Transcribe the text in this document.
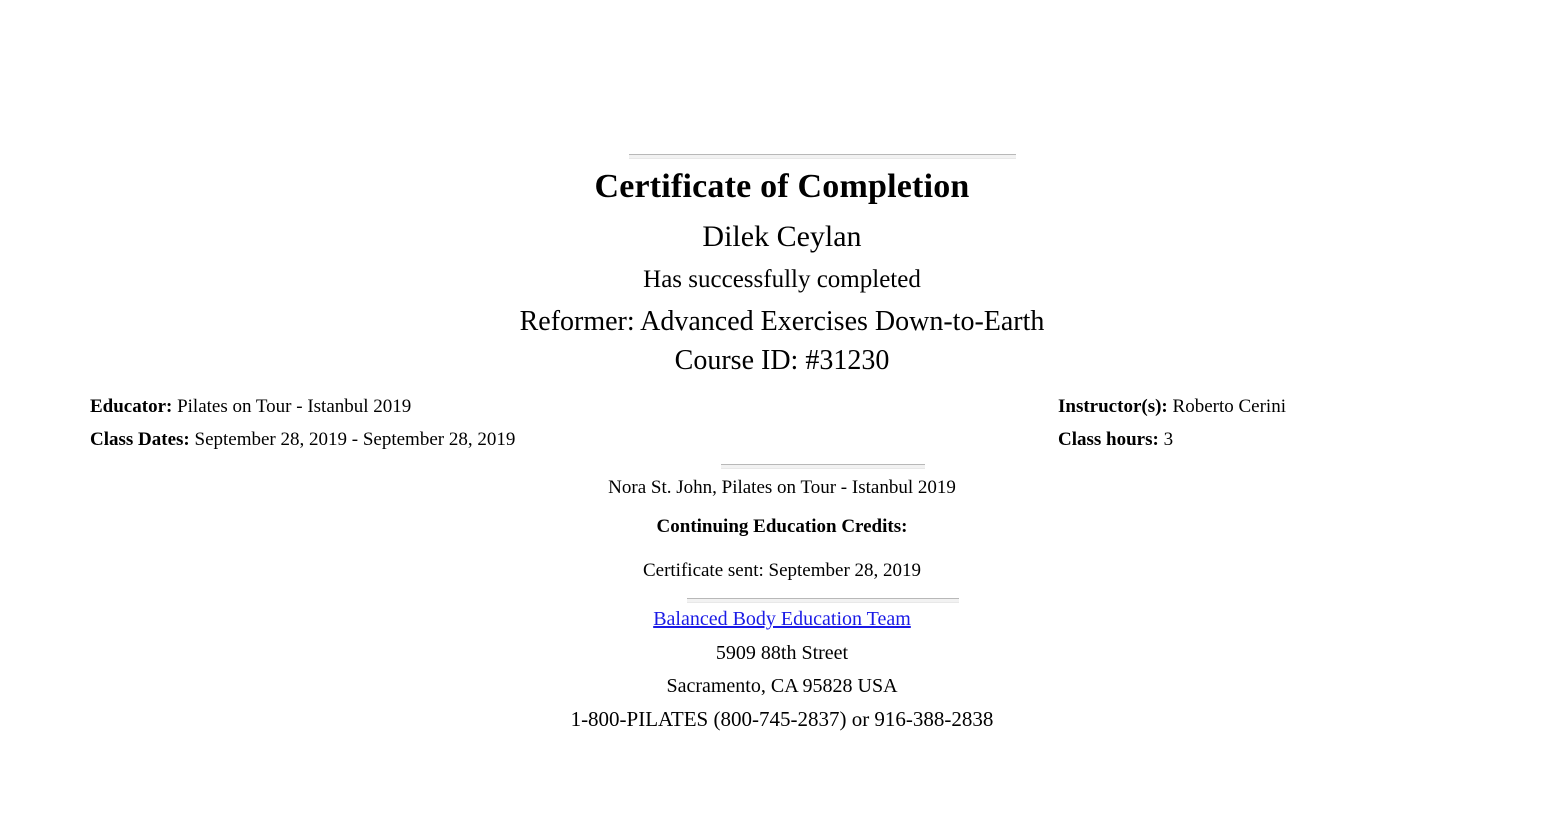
Certificate of Completion
Dilek Ceylan
Has successfully completed
Reformer: Advanced Exercises Down-to-Earth
Course ID: #31230
Educator: Pilates on Tour - Istanbul 2019	Instructor(s): Roberto Cerini
Class Dates: September 28, 2019 - September 28, 2019	Class hours: 3
Nora St. John, Pilates on Tour - Istanbul 2019
Continuing Education Credits:
Certificate sent: September 28, 2019
Balanced Body Education Team
5909 88th Street
Sacramento, CA 95828 USA
1-800-PILATES (800-745-2837) or 916-388-2838
